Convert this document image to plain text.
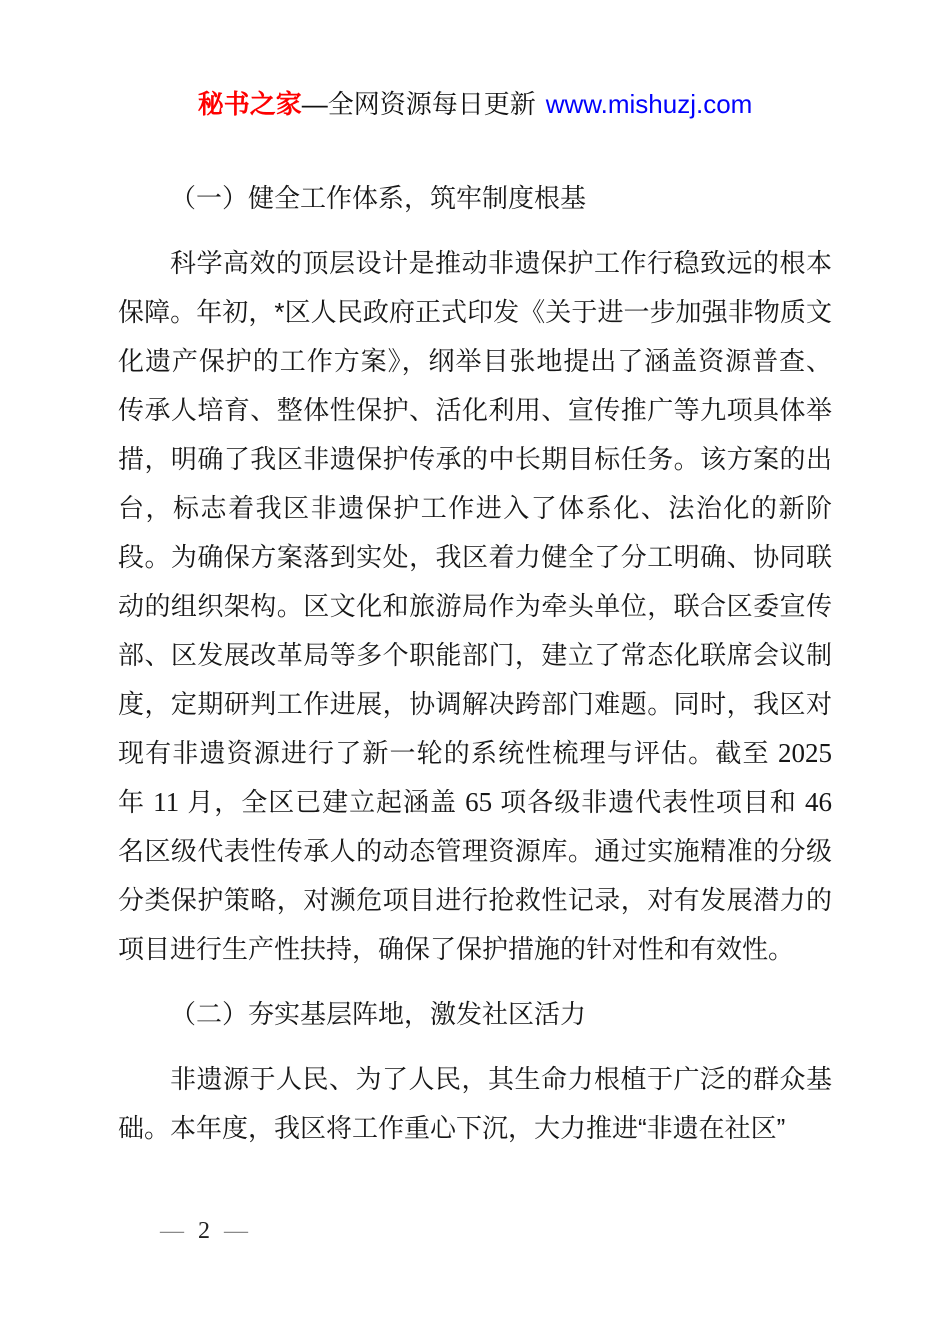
秘书之家—全网资源每日更新 www.mishuzj.com
（一）健全工作体系，筑牢制度根基

科学高效的顶层设计是推动非遗保护工作行稳致远的根本保障。年初，*区人民政府正式印发《关于进一步加强非物质文化遗产保护的工作方案》，纲举目张地提出了涵盖资源普查、传承人培育、整体性保护、活化利用、宣传推广等九项具体举措，明确了我区非遗保护传承的中长期目标任务。该方案的出台，标志着我区非遗保护工作进入了体系化、法治化的新阶段。为确保方案落到实处，我区着力健全了分工明确、协同联动的组织架构。区文化和旅游局作为牵头单位，联合区委宣传部、区发展改革局等多个职能部门，建立了常态化联席会议制度，定期研判工作进展，协调解决跨部门难题。同时，我区对现有非遗资源进行了新一轮的系统性梳理与评估。截至 2025 年 11 月，全区已建立起涵盖 65 项各级非遗代表性项目和 46 名区级代表性传承人的动态管理资源库。通过实施精准的分级分类保护策略，对濒危项目进行抢救性记录，对有发展潜力的项目进行生产性扶持，确保了保护措施的针对性和有效性。

（二）夯实基层阵地，激发社区活力

非遗源于人民、为了人民，其生命力根植于广泛的群众基础。本年度，我区将工作重心下沉，大力推进“非遗在社区”

— 2 —
